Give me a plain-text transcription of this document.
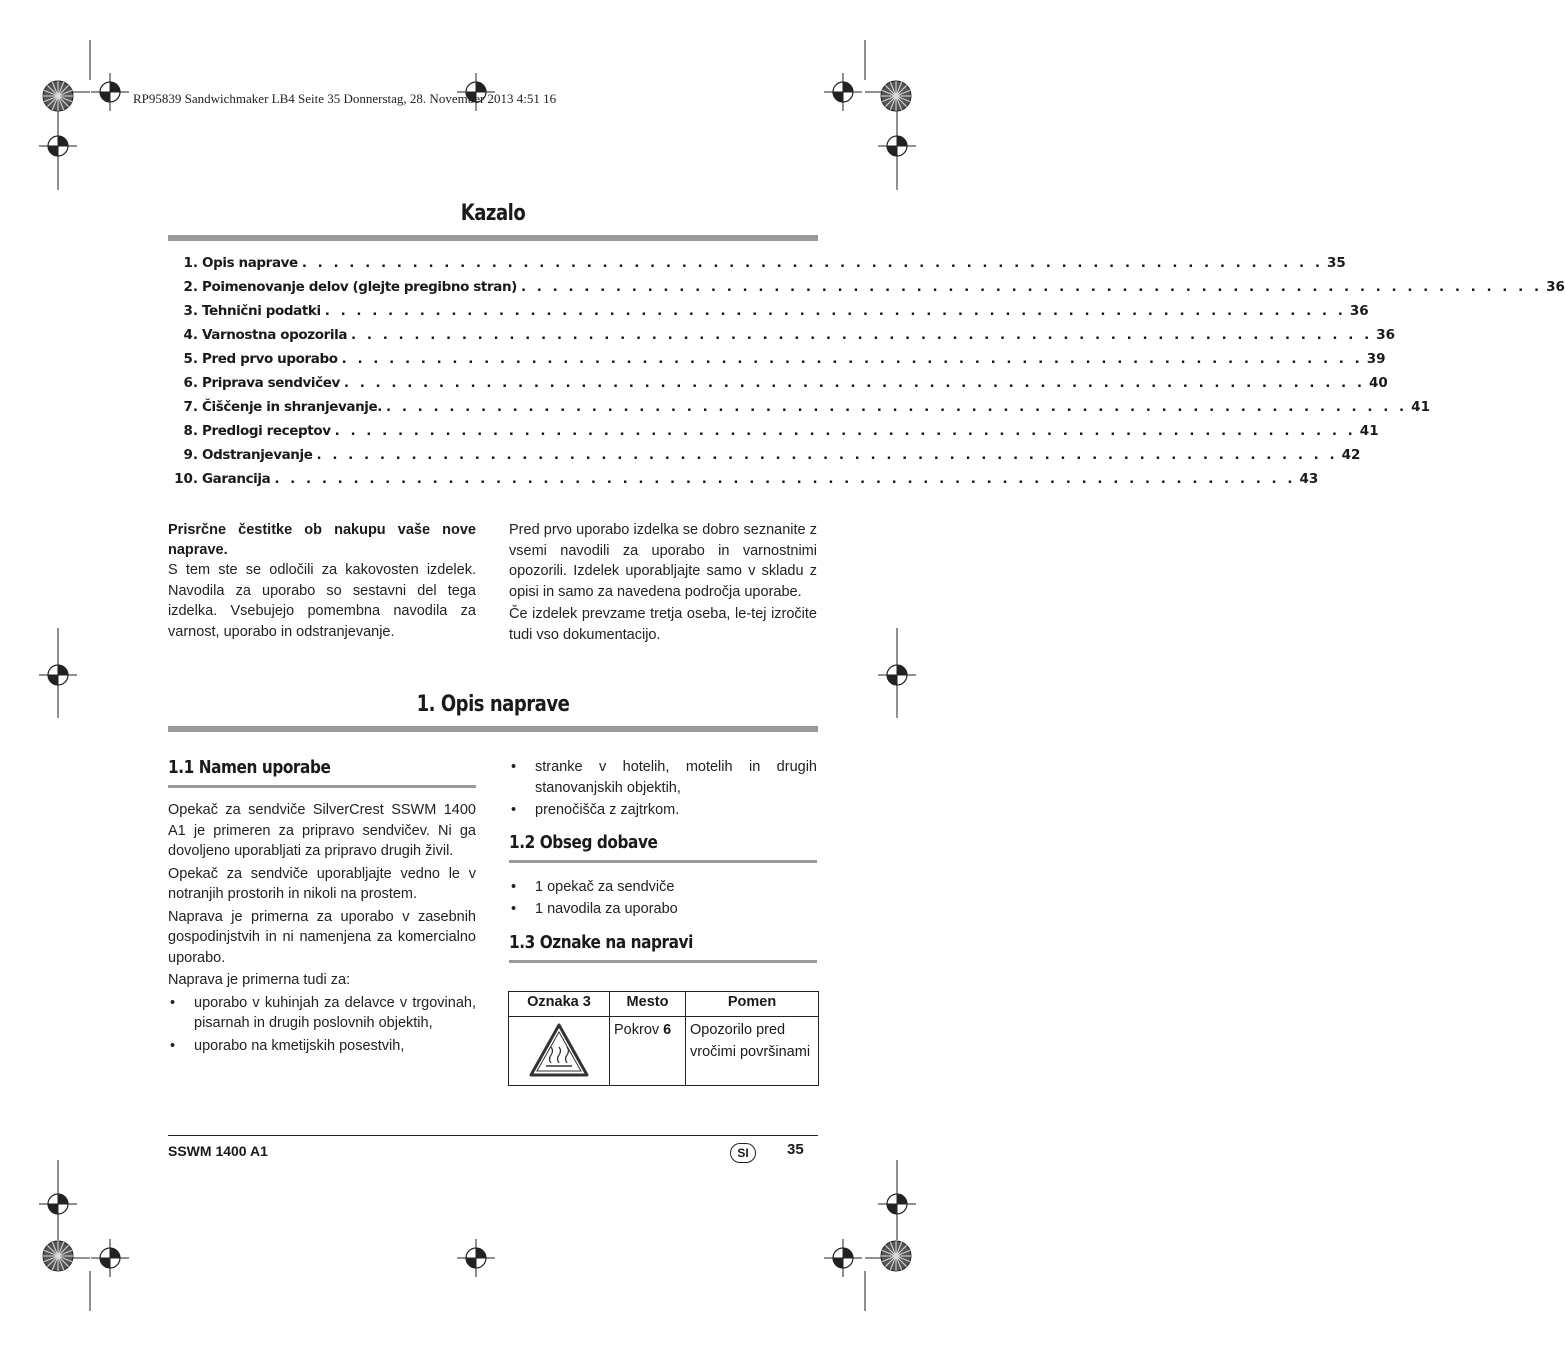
RP95839 Sandwichmaker LB4 Seite 35 Donnerstag, 28. November 2013 4:51 16
Kazalo
1. Opis naprave . . . . . . . . . . . . . . . . . . . . . . . . . . . . . . . . . . . . . . . . . . . . . . . . . . . . . . . . . . . . . . . . . 35
2. Poimenovanje delov (glejte pregibno stran) . . . . . . . . . . . . . . . . . . . . . . . . . . . . . . . . . . . . . . . . . . . . . . . . . . . . . . . . . . . . . . . . . 36
3. Tehnični podatki . . . . . . . . . . . . . . . . . . . . . . . . . . . . . . . . . . . . . . . . . . . . . . . . . . . . . . . . . . . . . . . . . 36
4. Varnostna opozorila . . . . . . . . . . . . . . . . . . . . . . . . . . . . . . . . . . . . . . . . . . . . . . . . . . . . . . . . . . . . . . . . . 36
5. Pred prvo uporabo . . . . . . . . . . . . . . . . . . . . . . . . . . . . . . . . . . . . . . . . . . . . . . . . . . . . . . . . . . . . . . . . . 39
6. Priprava sendvičev . . . . . . . . . . . . . . . . . . . . . . . . . . . . . . . . . . . . . . . . . . . . . . . . . . . . . . . . . . . . . . . . . 40
7. Čiščenje in shranjevanje. . . . . . . . . . . . . . . . . . . . . . . . . . . . . . . . . . . . . . . . . . . . . . . . . . . . . . . . . . . . . . . . . . 41
8. Predlogi receptov . . . . . . . . . . . . . . . . . . . . . . . . . . . . . . . . . . . . . . . . . . . . . . . . . . . . . . . . . . . . . . . . . 41
9. Odstranjevanje . . . . . . . . . . . . . . . . . . . . . . . . . . . . . . . . . . . . . . . . . . . . . . . . . . . . . . . . . . . . . . . . . 42
10. Garancija . . . . . . . . . . . . . . . . . . . . . . . . . . . . . . . . . . . . . . . . . . . . . . . . . . . . . . . . . . . . . . . . . 43
Prisrčne čestitke ob nakupu vaše nove naprave.
S tem ste se odločili za kakovosten izdelek. Navodila za uporabo so sestavni del tega izdelka. Vsebujejo pomembna navodila za varnost, uporabo in odstranjevanje.
Pred prvo uporabo izdelka se dobro seznanite z vsemi navodili za uporabo in varnostnimi opozorili. Izdelek uporabljajte samo v skladu z opisi in samo za navedena področja uporabe.
Če izdelek prevzame tretja oseba, le-tej izročite tudi vso dokumentacijo.
1. Opis naprave
1.1 Namen uporabe
Opekač za sendviče SilverCrest SSWM 1400 A1 je primeren za pripravo sendvičev. Ni ga dovoljeno uporabljati za pripravo drugih živil.
Opekač za sendviče uporabljajte vedno le v notranjih prostorih in nikoli na prostem.
Naprava je primerna za uporabo v zasebnih gospodinjstvih in ni namenjena za komercialno uporabo.
Naprava je primerna tudi za:
• uporabo v kuhinjah za delavce v trgovinah, pisarnah in drugih poslovnih objektih,
• uporabo na kmetijskih posestvih,
• stranke v hotelih, motelih in drugih stanovanjskih objektih,
• prenočišča z zajtrkom.
1.2 Obseg dobave
• 1 opekač za sendviče
• 1 navodila za uporabo
1.3 Oznake na napravi
Oznaka 3	Mesto	Pomen
	Pokrov 6	Opozorilo pred vročimi površinami
SSWM 1400 A1	SI	35
